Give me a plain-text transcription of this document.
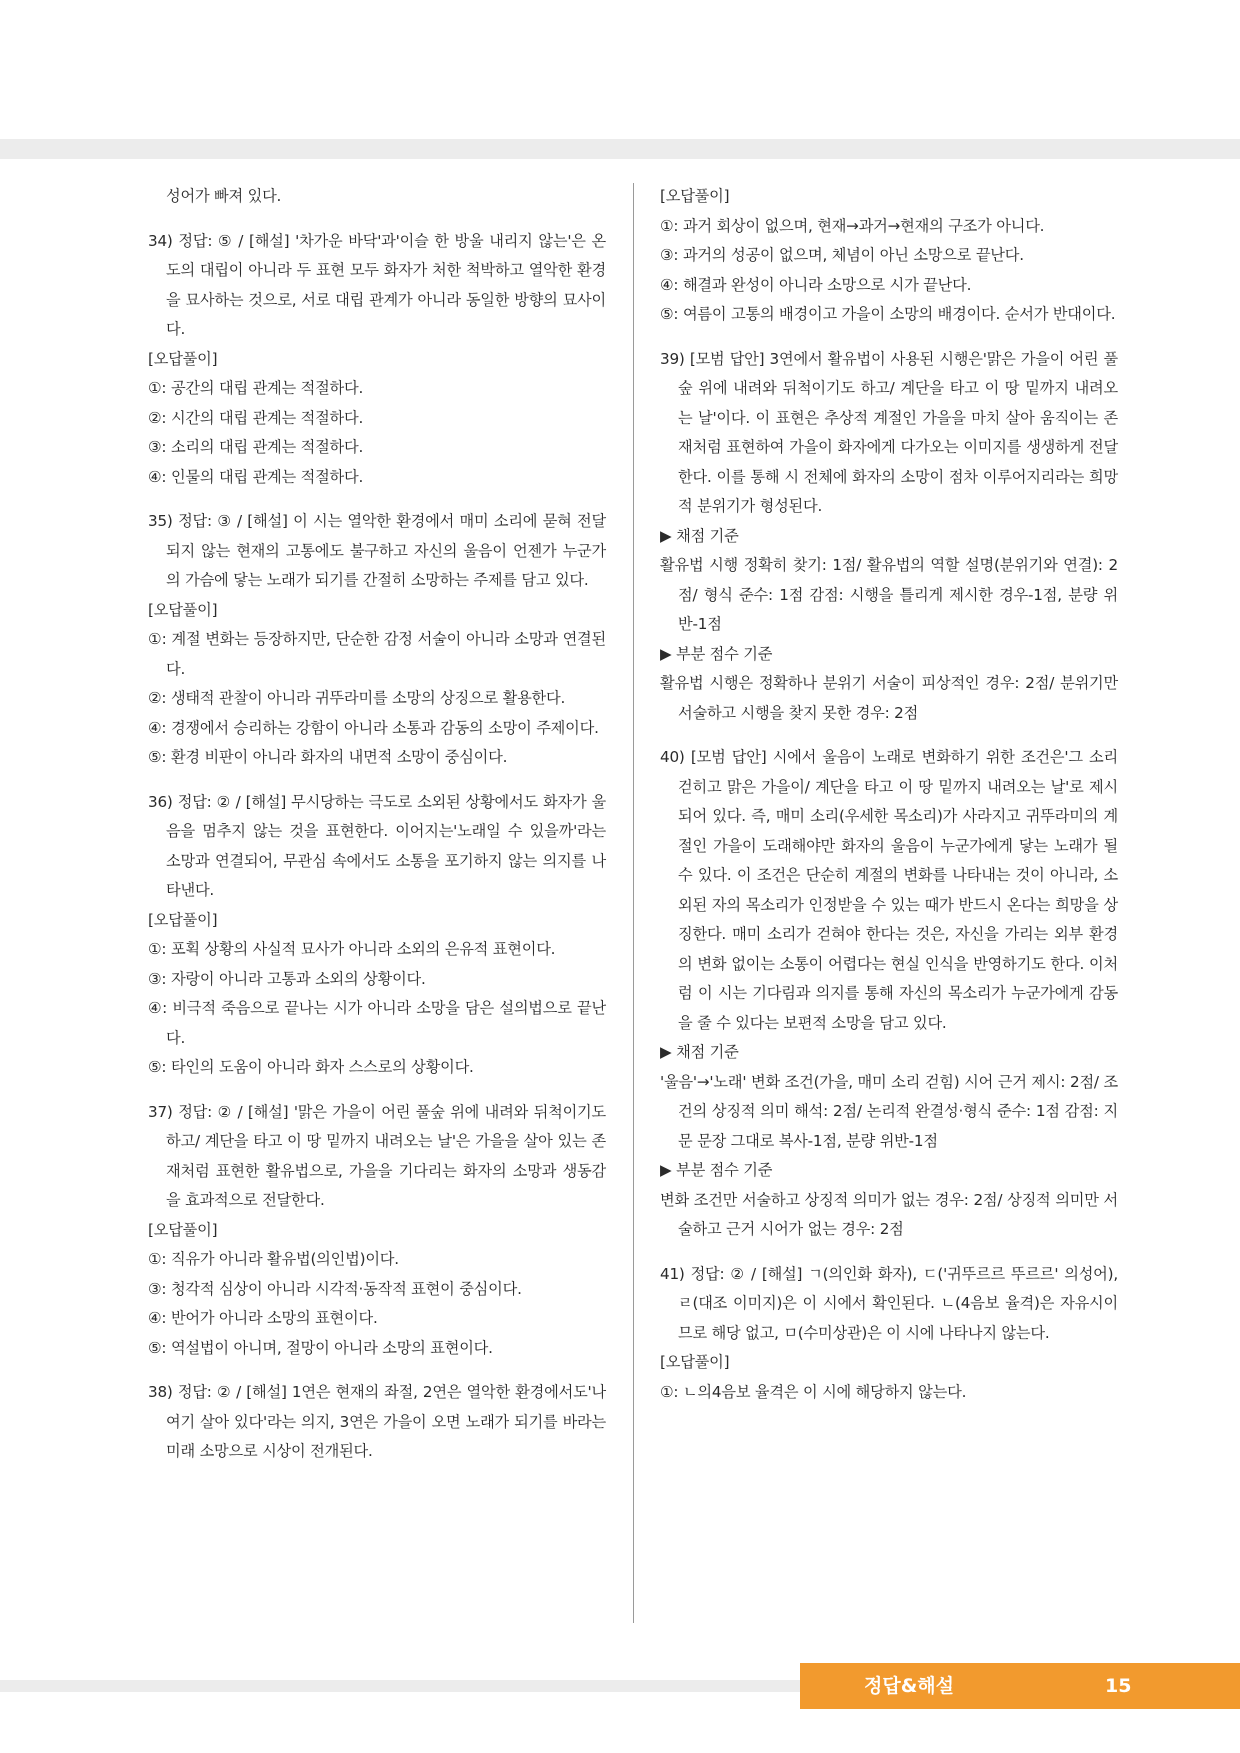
성어가 빠져 있다.
34) 정답: ⑤ / [해설] '차가운 바닥'과'이슬 한 방울 내리지 않는'은 온도의 대립이 아니라 두 표현 모두 화자가 처한 척박하고 열악한 환경을 묘사하는 것으로, 서로 대립 관계가 아니라 동일한 방향의 묘사이다.
[오답풀이]
①: 공간의 대립 관계는 적절하다.
②: 시간의 대립 관계는 적절하다.
③: 소리의 대립 관계는 적절하다.
④: 인물의 대립 관계는 적절하다.
35) 정답: ③ / [해설] 이 시는 열악한 환경에서 매미 소리에 묻혀 전달되지 않는 현재의 고통에도 불구하고 자신의 울음이 언젠가 누군가의 가슴에 닿는 노래가 되기를 간절히 소망하는 주제를 담고 있다.
[오답풀이]
①: 계절 변화는 등장하지만, 단순한 감정 서술이 아니라 소망과 연결된다.
②: 생태적 관찰이 아니라 귀뚜라미를 소망의 상징으로 활용한다.
④: 경쟁에서 승리하는 강함이 아니라 소통과 감동의 소망이 주제이다.
⑤: 환경 비판이 아니라 화자의 내면적 소망이 중심이다.
36) 정답: ② / [해설] 무시당하는 극도로 소외된 상황에서도 화자가 울음을 멈추지 않는 것을 표현한다. 이어지는'노래일 수 있을까'라는 소망과 연결되어, 무관심 속에서도 소통을 포기하지 않는 의지를 나타낸다.
[오답풀이]
①: 포획 상황의 사실적 묘사가 아니라 소외의 은유적 표현이다.
③: 자랑이 아니라 고통과 소외의 상황이다.
④: 비극적 죽음으로 끝나는 시가 아니라 소망을 담은 설의법으로 끝난다.
⑤: 타인의 도움이 아니라 화자 스스로의 상황이다.
37) 정답: ② / [해설] '맑은 가을이 어린 풀숲 위에 내려와 뒤척이기도 하고/ 계단을 타고 이 땅 밑까지 내려오는 날'은 가을을 살아 있는 존재처럼 표현한 활유법으로, 가을을 기다리는 화자의 소망과 생동감을 효과적으로 전달한다.
[오답풀이]
①: 직유가 아니라 활유법(의인법)이다.
③: 청각적 심상이 아니라 시각적·동작적 표현이 중심이다.
④: 반어가 아니라 소망의 표현이다.
⑤: 역설법이 아니며, 절망이 아니라 소망의 표현이다.
38) 정답: ② / [해설] 1연은 현재의 좌절, 2연은 열악한 환경에서도'나 여기 살아 있다'라는 의지, 3연은 가을이 오면 노래가 되기를 바라는 미래 소망으로 시상이 전개된다.
[오답풀이]
①: 과거 회상이 없으며, 현재→과거→현재의 구조가 아니다.
③: 과거의 성공이 없으며, 체념이 아닌 소망으로 끝난다.
④: 해결과 완성이 아니라 소망으로 시가 끝난다.
⑤: 여름이 고통의 배경이고 가을이 소망의 배경이다. 순서가 반대이다.
39) [모범 답안] 3연에서 활유법이 사용된 시행은'맑은 가을이 어린 풀숲 위에 내려와 뒤척이기도 하고/ 계단을 타고 이 땅 밑까지 내려오는 날'이다. 이 표현은 추상적 계절인 가을을 마치 살아 움직이는 존재처럼 표현하여 가을이 화자에게 다가오는 이미지를 생생하게 전달한다. 이를 통해 시 전체에 화자의 소망이 점차 이루어지리라는 희망적 분위기가 형성된다.
▶ 채점 기준
활유법 시행 정확히 찾기: 1점/ 활유법의 역할 설명(분위기와 연결): 2점/ 형식 준수: 1점 감점: 시행을 틀리게 제시한 경우-1점, 분량 위반-1점
▶ 부분 점수 기준
활유법 시행은 정확하나 분위기 서술이 피상적인 경우: 2점/ 분위기만 서술하고 시행을 찾지 못한 경우: 2점
40) [모범 답안] 시에서 울음이 노래로 변화하기 위한 조건은'그 소리 걷히고 맑은 가을이/ 계단을 타고 이 땅 밑까지 내려오는 날'로 제시되어 있다. 즉, 매미 소리(우세한 목소리)가 사라지고 귀뚜라미의 계절인 가을이 도래해야만 화자의 울음이 누군가에게 닿는 노래가 될 수 있다. 이 조건은 단순히 계절의 변화를 나타내는 것이 아니라, 소외된 자의 목소리가 인정받을 수 있는 때가 반드시 온다는 희망을 상징한다. 매미 소리가 걷혀야 한다는 것은, 자신을 가리는 외부 환경의 변화 없이는 소통이 어렵다는 현실 인식을 반영하기도 한다. 이처럼 이 시는 기다림과 의지를 통해 자신의 목소리가 누군가에게 감동을 줄 수 있다는 보편적 소망을 담고 있다.
▶ 채점 기준
'울음'→'노래' 변화 조건(가을, 매미 소리 걷힘) 시어 근거 제시: 2점/ 조건의 상징적 의미 해석: 2점/ 논리적 완결성·형식 준수: 1점 감점: 지문 문장 그대로 복사-1점, 분량 위반-1점
▶ 부분 점수 기준
변화 조건만 서술하고 상징적 의미가 없는 경우: 2점/ 상징적 의미만 서술하고 근거 시어가 없는 경우: 2점
41) 정답: ② / [해설] ㄱ(의인화 화자), ㄷ('귀뚜르르 뚜르르' 의성어), ㄹ(대조 이미지)은 이 시에서 확인된다. ㄴ(4음보 율격)은 자유시이므로 해당 없고, ㅁ(수미상관)은 이 시에 나타나지 않는다.
[오답풀이]
①: ㄴ의4음보 율격은 이 시에 해당하지 않는다.
정답&해설	15
